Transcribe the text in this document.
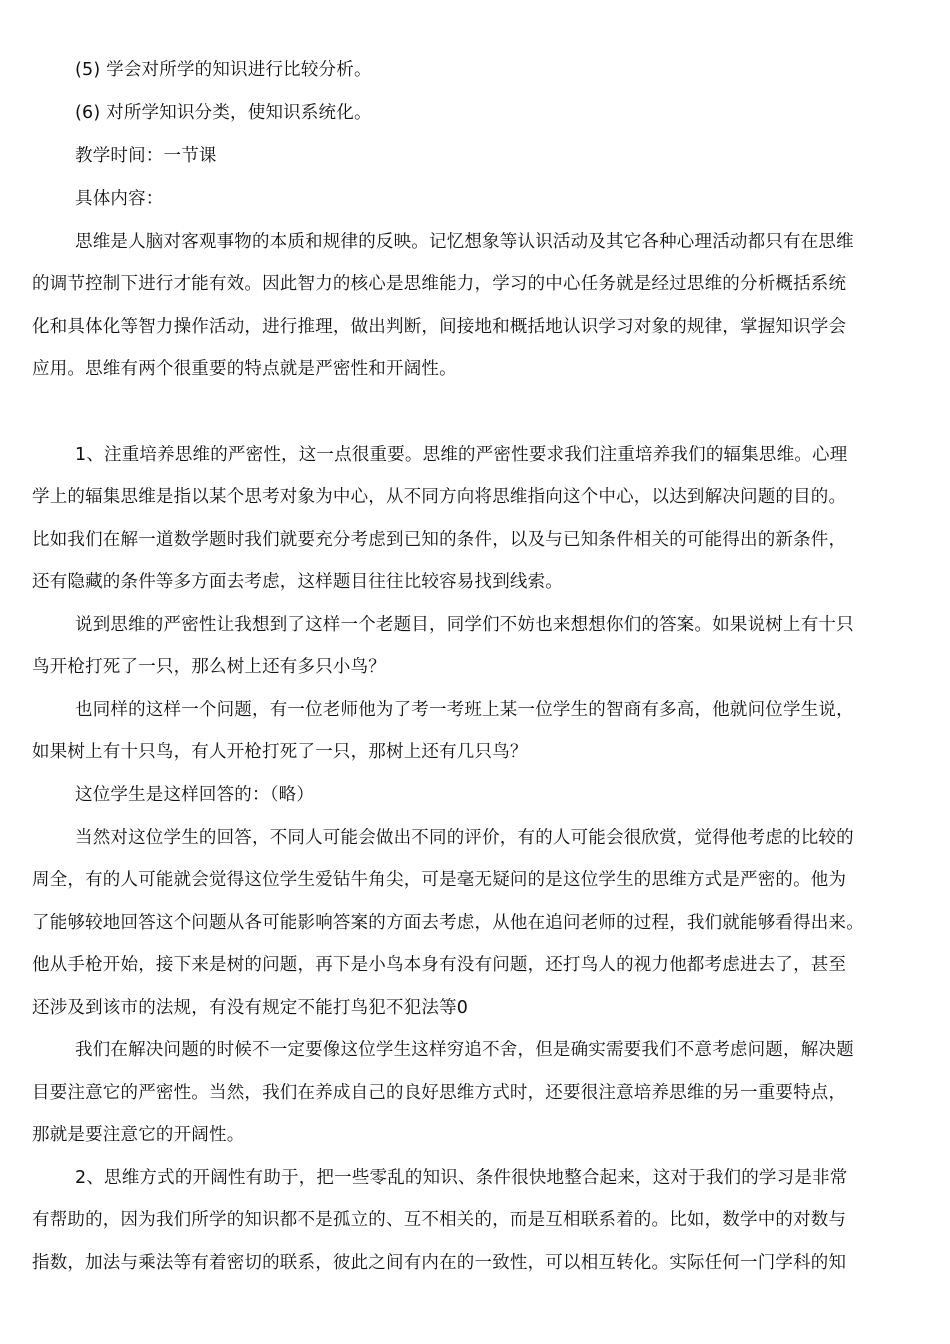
(5) 学会对所学的知识进行比较分析。
(6) 对所学知识分类，使知识系统化。
教学时间：一节课
具体内容：
思维是人脑对客观事物的本质和规律的反映。记忆想象等认识活动及其它各种心理活动都只有在思维
的调节控制下进行才能有效。因此智力的核心是思维能力，学习的中心任务就是经过思维的分析概括系统
化和具体化等智力操作活动，进行推理，做出判断，间接地和概括地认识学习对象的规律，掌握知识学会
应用。思维有两个很重要的特点就是严密性和开阔性。
1、注重培养思维的严密性，这一点很重要。思维的严密性要求我们注重培养我们的辐集思维。心理
学上的辐集思维是指以某个思考对象为中心，从不同方向将思维指向这个中心，以达到解决问题的目的。
比如我们在解一道数学题时我们就要充分考虑到已知的条件，以及与已知条件相关的可能得出的新条件，
还有隐藏的条件等多方面去考虑，这样题目往往比较容易找到线索。
说到思维的严密性让我想到了这样一个老题目，同学们不妨也来想想你们的答案。如果说树上有十只
鸟开枪打死了一只，那么树上还有多只小鸟？
也同样的这样一个问题，有一位老师他为了考一考班上某一位学生的智商有多高，他就问位学生说，
如果树上有十只鸟，有人开枪打死了一只，那树上还有几只鸟？
这位学生是这样回答的：（略）
当然对这位学生的回答，不同人可能会做出不同的评价，有的人可能会很欣赏，觉得他考虑的比较的
周全，有的人可能就会觉得这位学生爱钻牛角尖，可是毫无疑问的是这位学生的思维方式是严密的。他为
了能够较地回答这个问题从各可能影响答案的方面去考虑，从他在追问老师的过程，我们就能够看得出来。
他从手枪开始，接下来是树的问题，再下是小鸟本身有没有问题，还打鸟人的视力他都考虑进去了，甚至
还涉及到该市的法规，有没有规定不能打鸟犯不犯法等0
我们在解决问题的时候不一定要像这位学生这样穷追不舍，但是确实需要我们不意考虑问题，解决题
目要注意它的严密性。当然，我们在养成自己的良好思维方式时，还要很注意培养思维的另一重要特点，
那就是要注意它的开阔性。
2、思维方式的开阔性有助于，把一些零乱的知识、条件很快地整合起来，这对于我们的学习是非常
有帮助的，因为我们所学的知识都不是孤立的、互不相关的，而是互相联系着的。比如，数学中的对数与
指数，加法与乘法等有着密切的联系，彼此之间有内在的一致性，可以相互转化。实际任何一门学科的知
